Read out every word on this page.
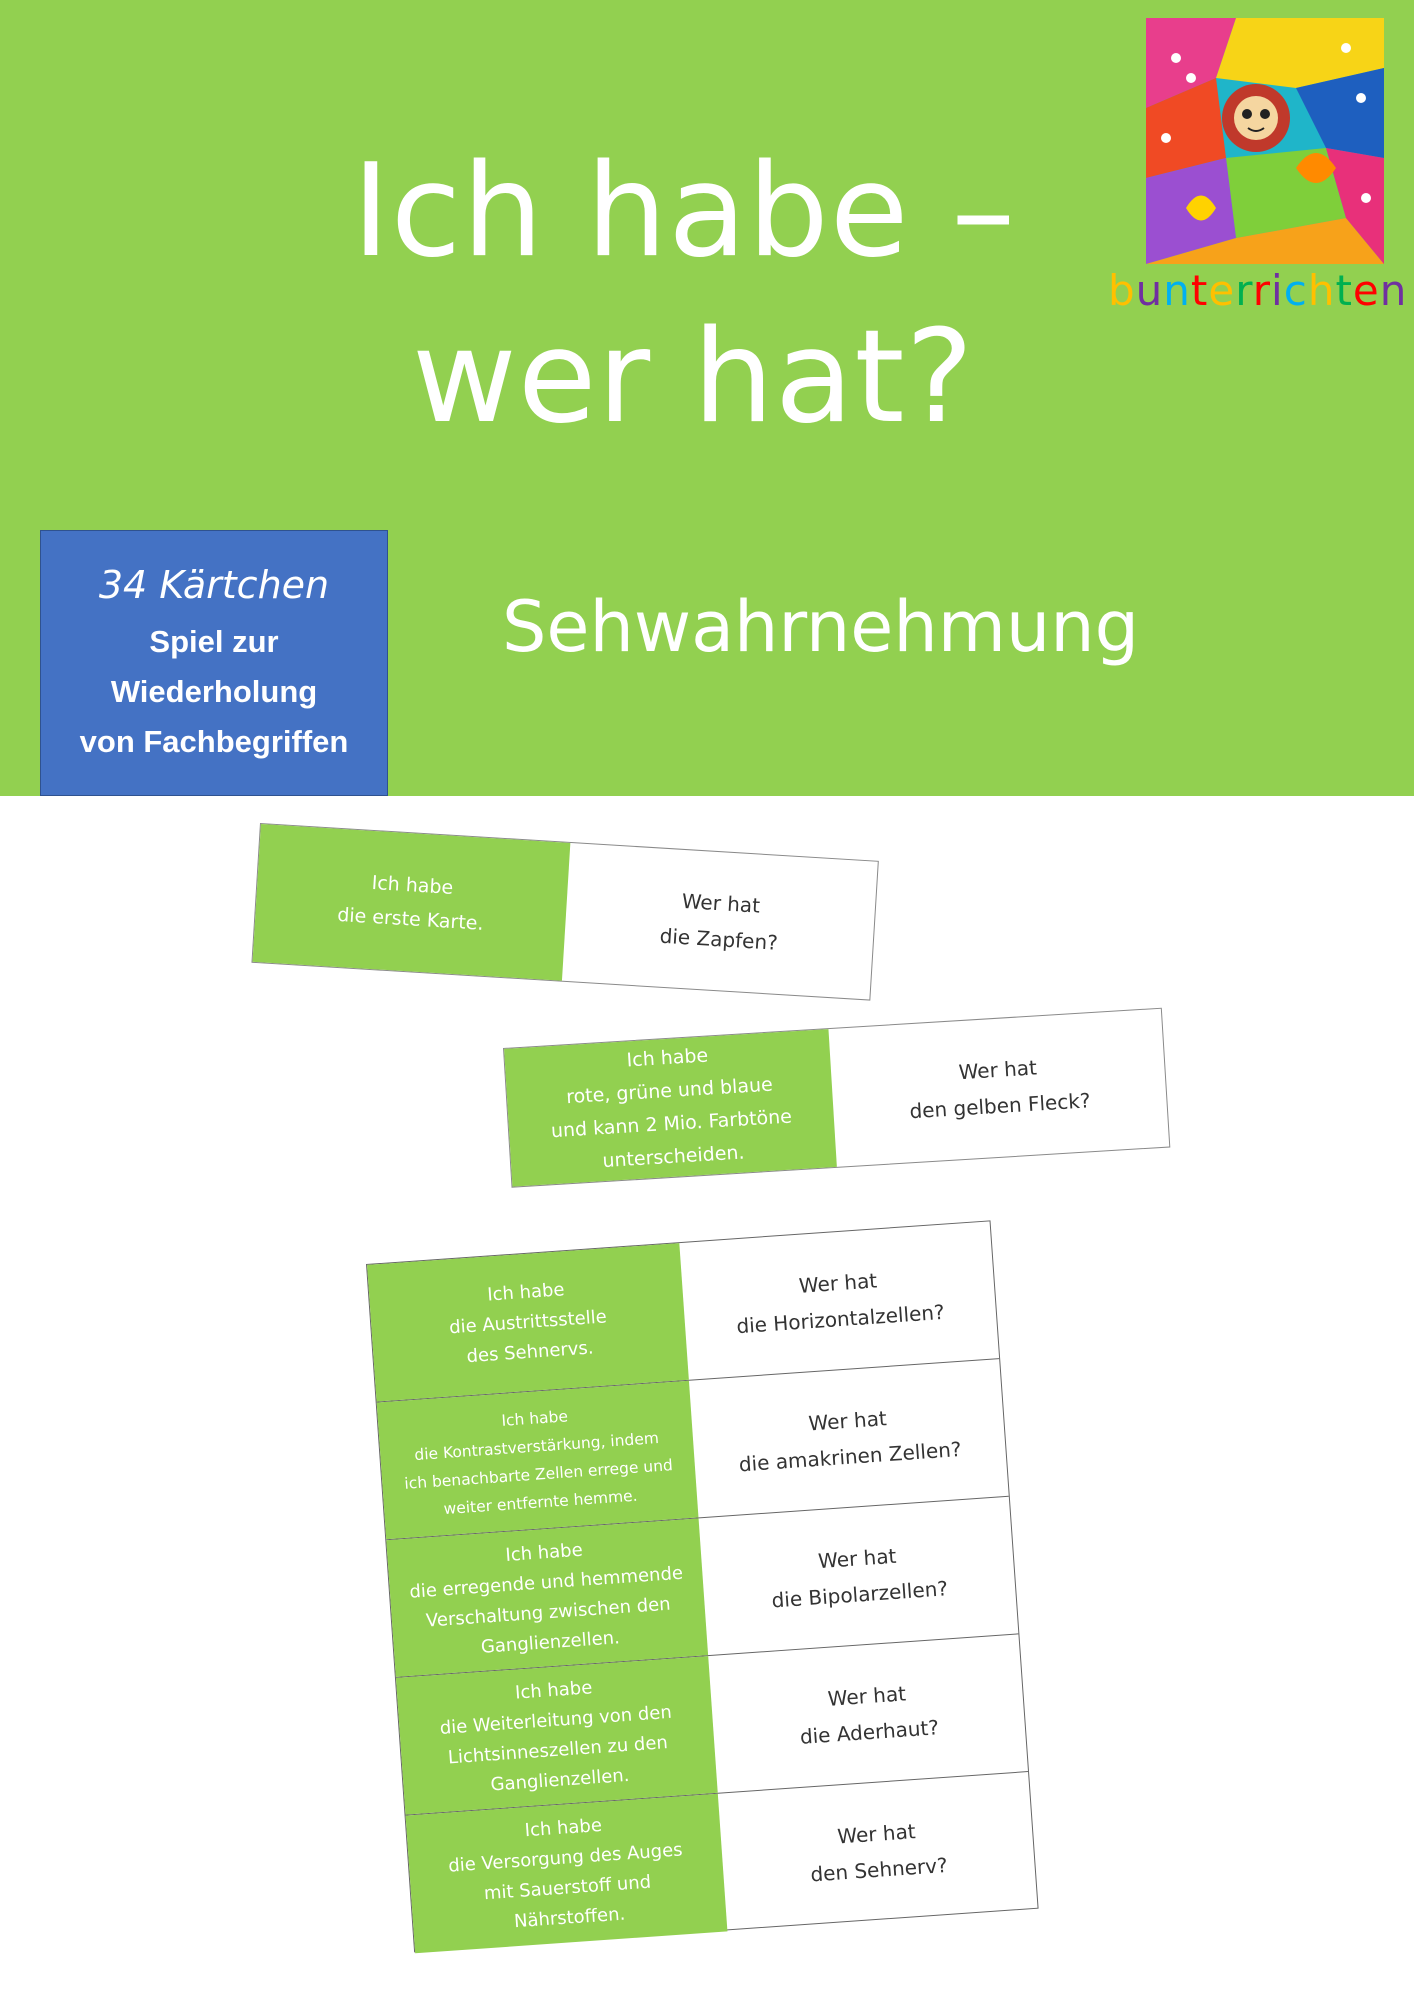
Ich habe –
wer hat?
bunterrichten
34 Kärtchen
Spiel zur
Wiederholung
von Fachbegriffen
Sehwahrnehmung
Ich habe
die erste Karte.
Wer hat
die Zapfen?
Ich habe
rote, grüne und blaue
und kann 2 Mio. Farbtöne
unterscheiden.
Wer hat
den gelben Fleck?
Ich habe
die Austrittsstelle
des Sehnervs.
Wer hat
die Horizontalzellen?
Ich habe
die Kontrastverstärkung, indem
ich benachbarte Zellen errege und
weiter entfernte hemme.
Wer hat
die amakrinen Zellen?
Ich habe
die erregende und hemmende
Verschaltung zwischen den
Ganglienzellen.
Wer hat
die Bipolarzellen?
Ich habe
die Weiterleitung von den
Lichtsinneszellen zu den
Ganglienzellen.
Wer hat
die Aderhaut?
Ich habe
die Versorgung des Auges
mit Sauerstoff und
Nährstoffen.
Wer hat
den Sehnerv?
